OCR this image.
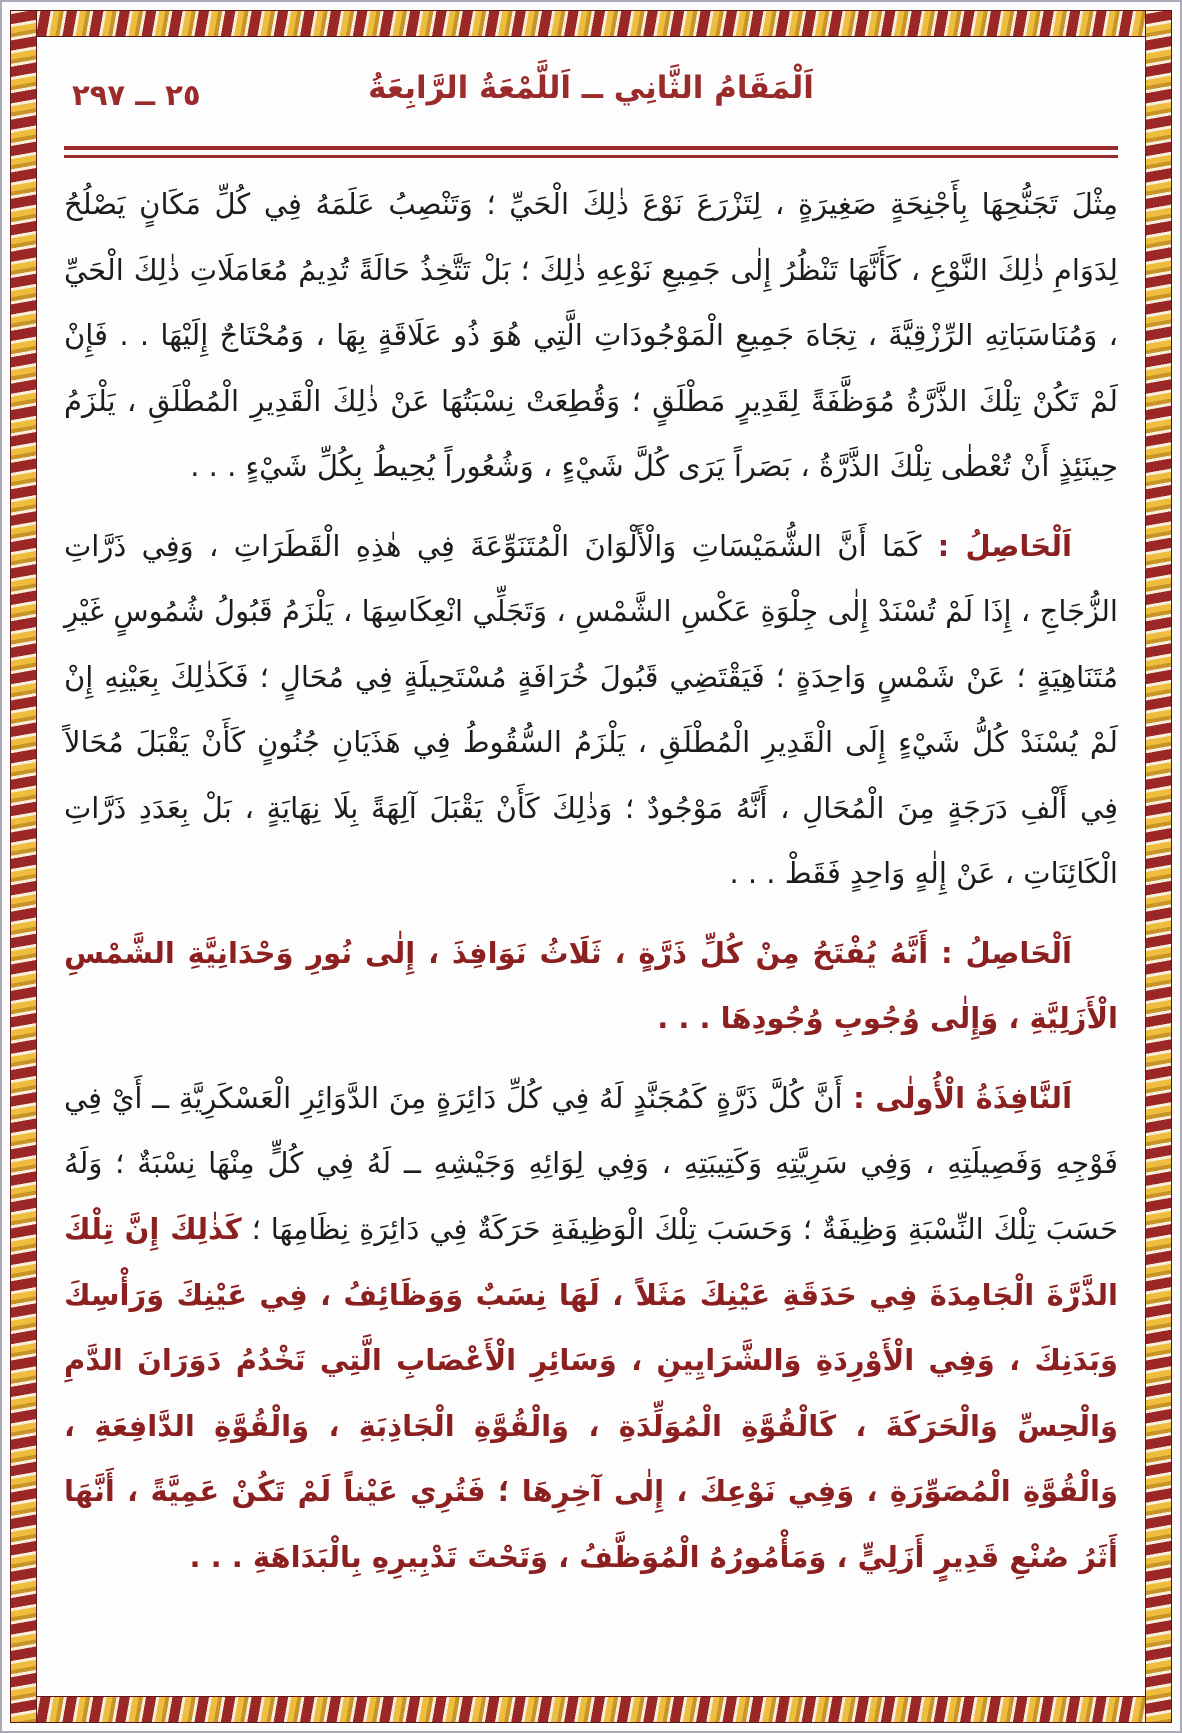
٢٥ ــ ٢٩٧	اَلْمَقَامُ الثَّانِي ــ اَللَّمْعَةُ الرَّابِعَةُ

مِثْلَ تَجَنُّحِهَا بِأَجْنِحَةٍ صَغِيرَةٍ ، لِتَزْرَعَ نَوْعَ ذٰلِكَ الْحَيِّ ؛ وَتَنْصِبُ عَلَمَهُ فِي كُلِّ مَكَانٍ يَصْلُحُ لِدَوَامِ ذٰلِكَ النَّوْعِ ، كَأَنَّهَا تَنْظُرُ إِلٰى جَمِيعِ نَوْعِهِ ذٰلِكَ ؛ بَلْ تَتَّخِذُ حَالَةً تُدِيمُ مُعَامَلَاتِ ذٰلِكَ الْحَيِّ ، وَمُنَاسَبَاتِهِ الرِّزْقِيَّةَ ، تِجَاهَ جَمِيعِ الْمَوْجُودَاتِ الَّتِي هُوَ ذُو عَلَاقَةٍ بِهَا ، وَمُحْتَاجٌ إِلَيْهَا . . فَإِنْ لَمْ تَكُنْ تِلْكَ الذَّرَّةُ مُوَظَّفَةً لِقَدِيرٍ مَطْلَقٍ ؛ وَقُطِعَتْ نِسْبَتُهَا عَنْ ذٰلِكَ الْقَدِيرِ الْمُطْلَقِ ، يَلْزَمُ حِينَئِذٍ أَنْ تُعْطٰى تِلْكَ الذَّرَّةُ ، بَصَراً يَرَى كُلَّ شَيْءٍ ، وَشُعُوراً يُحِيطُ بِكُلِّ شَيْءٍ . . .

اَلْحَاصِلُ : كَمَا أَنَّ الشُّمَيْسَاتِ وَالْأَلْوَانَ الْمُتَنَوِّعَةَ فِي هٰذِهِ الْقَطَرَاتِ ، وَفِي ذَرَّاتِ الزُّجَاجِ ، إِذَا لَمْ تُسْنَدْ إِلٰى جِلْوَةِ عَكْسِ الشَّمْسِ ، وَتَجَلِّي انْعِكَاسِهَا ، يَلْزَمُ قَبُولُ شُمُوسٍ غَيْرِ مُتَنَاهِيَةٍ ؛ عَنْ شَمْسٍ وَاحِدَةٍ ؛ فَيَقْتَضِي قَبُولَ خُرَافَةٍ مُسْتَحِيلَةٍ فِي مُحَالٍ ؛ فَكَذٰلِكَ بِعَيْنِهِ إِنْ لَمْ يُسْنَدْ كُلُّ شَيْءٍ إِلَى الْقَدِيرِ الْمُطْلَقِ ، يَلْزَمُ السُّقُوطُ فِي هَذَيَانِ جُنُونٍ كَأَنْ يَقْبَلَ مُحَالاً فِي أَلْفِ دَرَجَةٍ مِنَ الْمُحَالِ ، أَنَّهُ مَوْجُودٌ ؛ وَذٰلِكَ كَأَنْ يَقْبَلَ آلِهَةً بِلَا نِهَايَةٍ ، بَلْ بِعَدَدِ ذَرَّاتِ الْكَائِنَاتِ ، عَنْ إِلٰهٍ وَاحِدٍ فَقَطْ . . .

اَلْحَاصِلُ : أَنَّهُ يُفْتَحُ مِنْ كُلِّ ذَرَّةٍ ، ثَلَاثُ نَوَافِذَ ، إِلٰى نُورِ وَحْدَانِيَّةِ الشَّمْسِ الْأَزَلِيَّةِ ، وَإِلٰى وُجُوبِ وُجُودِهَا . . .

اَلنَّافِذَةُ الْأُولٰى : أَنَّ كُلَّ ذَرَّةٍ كَمُجَنَّدٍ لَهُ فِي كُلِّ دَائِرَةٍ مِنَ الدَّوَائِرِ الْعَسْكَرِيَّةِ ــ أَيْ فِي فَوْجِهِ وَفَصِيلَتِهِ ، وَفِي سَرِيَّتِهِ وَكَتِيبَتِهِ ، وَفِي لِوَائِهِ وَجَيْشِهِ ــ لَهُ فِي كُلٍّ مِنْهَا نِسْبَةٌ ؛ وَلَهُ حَسَبَ تِلْكَ النِّسْبَةِ وَظِيفَةٌ ؛ وَحَسَبَ تِلْكَ الْوَظِيفَةِ حَرَكَةٌ فِي دَائِرَةِ نِظَامِهَا ؛ كَذٰلِكَ إِنَّ تِلْكَ الذَّرَّةَ الْجَامِدَةَ فِي حَدَقَةِ عَيْنِكَ مَثَلاً ، لَهَا نِسَبٌ وَوَظَائِفُ ، فِي عَيْنِكَ وَرَأْسِكَ وَبَدَنِكَ ، وَفِي الْأَوْرِدَةِ وَالشَّرَايِينِ ، وَسَائِرِ الْأَعْصَابِ الَّتِي تَخْدُمُ دَوَرَانَ الدَّمِ وَالْحِسِّ وَالْحَرَكَةَ ، كَالْقُوَّةِ الْمُوَلِّدَةِ ، وَالْقُوَّةِ الْجَاذِبَةِ ، وَالْقُوَّةِ الدَّافِعَةِ ، وَالْقُوَّةِ الْمُصَوِّرَةِ ، وَفِي نَوْعِكَ ، إِلٰى آخِرِهَا ؛ فَتُرِي عَيْناً لَمْ تَكُنْ عَمِيَّةً ، أَنَّهَا أَثَرُ صُنْعِ قَدِيرٍ أَزَلِيٍّ ، وَمَأْمُورُهُ الْمُوَظَّفُ ، وَتَحْتَ تَدْبِيرِهِ بِالْبَدَاهَةِ . . .
